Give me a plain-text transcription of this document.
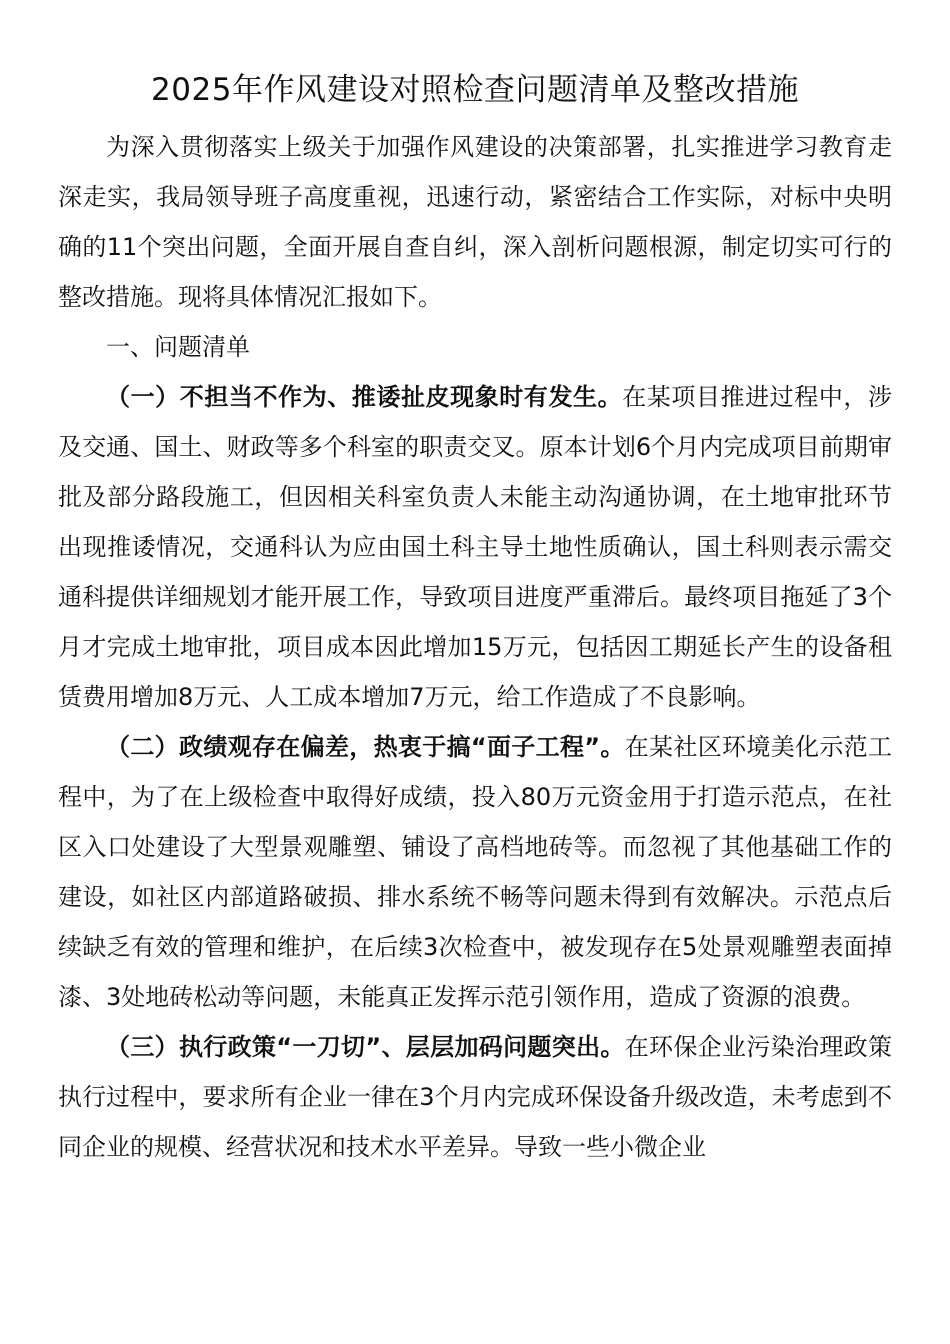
2025年作风建设对照检查问题清单及整改措施

为深入贯彻落实上级关于加强作风建设的决策部署，扎实推进学习教育走深走实，我局领导班子高度重视，迅速行动，紧密结合工作实际，对标中央明确的11个突出问题，全面开展自查自纠，深入剖析问题根源，制定切实可行的整改措施。现将具体情况汇报如下。

一、问题清单

（一）不担当不作为、推诿扯皮现象时有发生。在某项目推进过程中，涉及交通、国土、财政等多个科室的职责交叉。原本计划6个月内完成项目前期审批及部分路段施工，但因相关科室负责人未能主动沟通协调，在土地审批环节出现推诿情况，交通科认为应由国土科主导土地性质确认，国土科则表示需交通科提供详细规划才能开展工作，导致项目进度严重滞后。最终项目拖延了3个月才完成土地审批，项目成本因此增加15万元，包括因工期延长产生的设备租赁费用增加8万元、人工成本增加7万元，给工作造成了不良影响。

（二）政绩观存在偏差，热衷于搞“面子工程”。在某社区环境美化示范工程中，为了在上级检查中取得好成绩，投入80万元资金用于打造示范点，在社区入口处建设了大型景观雕塑、铺设了高档地砖等。而忽视了其他基础工作的建设，如社区内部道路破损、排水系统不畅等问题未得到有效解决。示范点后续缺乏有效的管理和维护，在后续3次检查中，被发现存在5处景观雕塑表面掉漆、3处地砖松动等问题，未能真正发挥示范引领作用，造成了资源的浪费。

（三）执行政策“一刀切”、层层加码问题突出。在环保企业污染治理政策执行过程中，要求所有企业一律在3个月内完成环保设备升级改造，未考虑到不同企业的规模、经营状况和技术水平差异。导致一些小微企业
